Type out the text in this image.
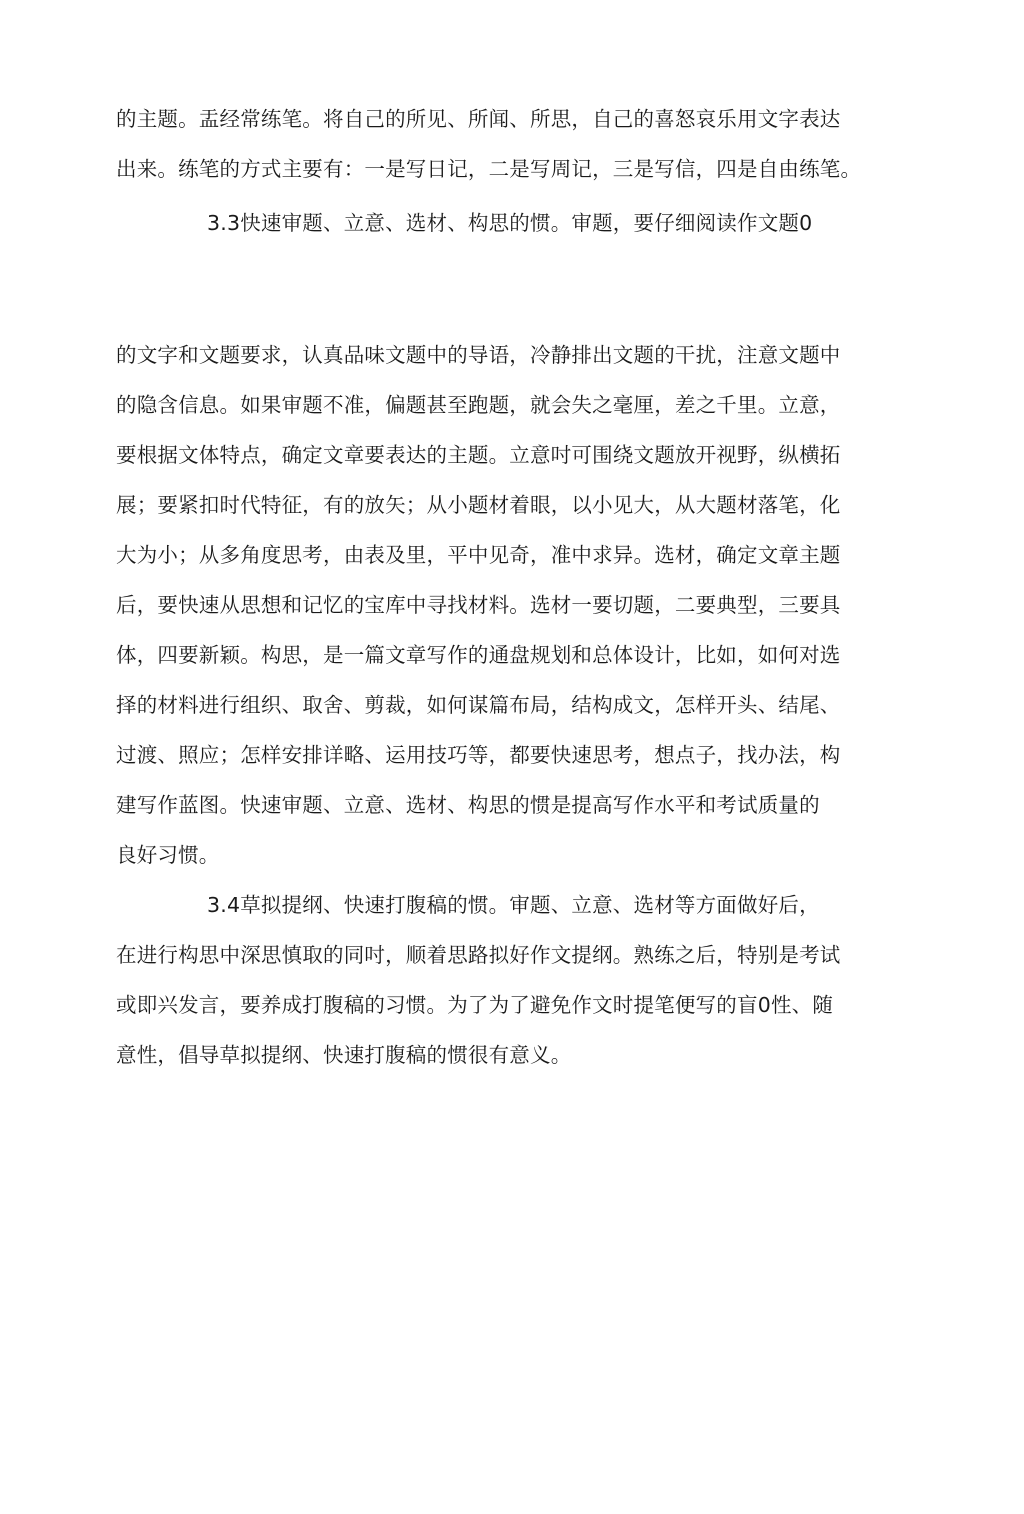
的主题。盂经常练笔。将自己的所见、所闻、所思，自己的喜怒哀乐用文字表达
出来。练笔的方式主要有：一是写日记，二是写周记，三是写信，四是自由练笔。
3.3快速审题、立意、选材、构思的惯。审题，要仔细阅读作文题0
的文字和文题要求，认真品味文题中的导语，冷静排出文题的干扰，注意文题中
的隐含信息。如果审题不准，偏题甚至跑题，就会失之毫厘，差之千里。立意，
要根据文体特点，确定文章要表达的主题。立意吋可围绕文题放开视野，纵横拓
展；要紧扣时代特征，有的放矢；从小题材着眼，以小见大，从大题材落笔，化
大为小；从多角度思考，由表及里，平中见奇，准中求异。选材，确定文章主题
后，要快速从思想和记忆的宝库中寻找材料。选材一要切题，二要典型，三要具
体，四要新颖。构思，是一篇文章写作的通盘规划和总体设计，比如，如何对选
择的材料进行组织、取舍、剪裁，如何谋篇布局，结构成文，怎样开头、结尾、
过渡、照应；怎样安排详略、运用技巧等，都要快速思考，想点子，找办法，构
建写作蓝图。快速审题、立意、选材、构思的惯是提高写作水平和考试质量的
良好习惯。
3.4草拟提纲、快速打腹稿的惯。审题、立意、选材等方面做好后，
在进行构思中深思慎取的同吋，顺着思路拟好作文提纲。熟练之后，特别是考试
或即兴发言，要养成打腹稿的习惯。为了为了避免作文时提笔便写的盲0性、随
意性，倡导草拟提纲、快速打腹稿的惯很有意义。
